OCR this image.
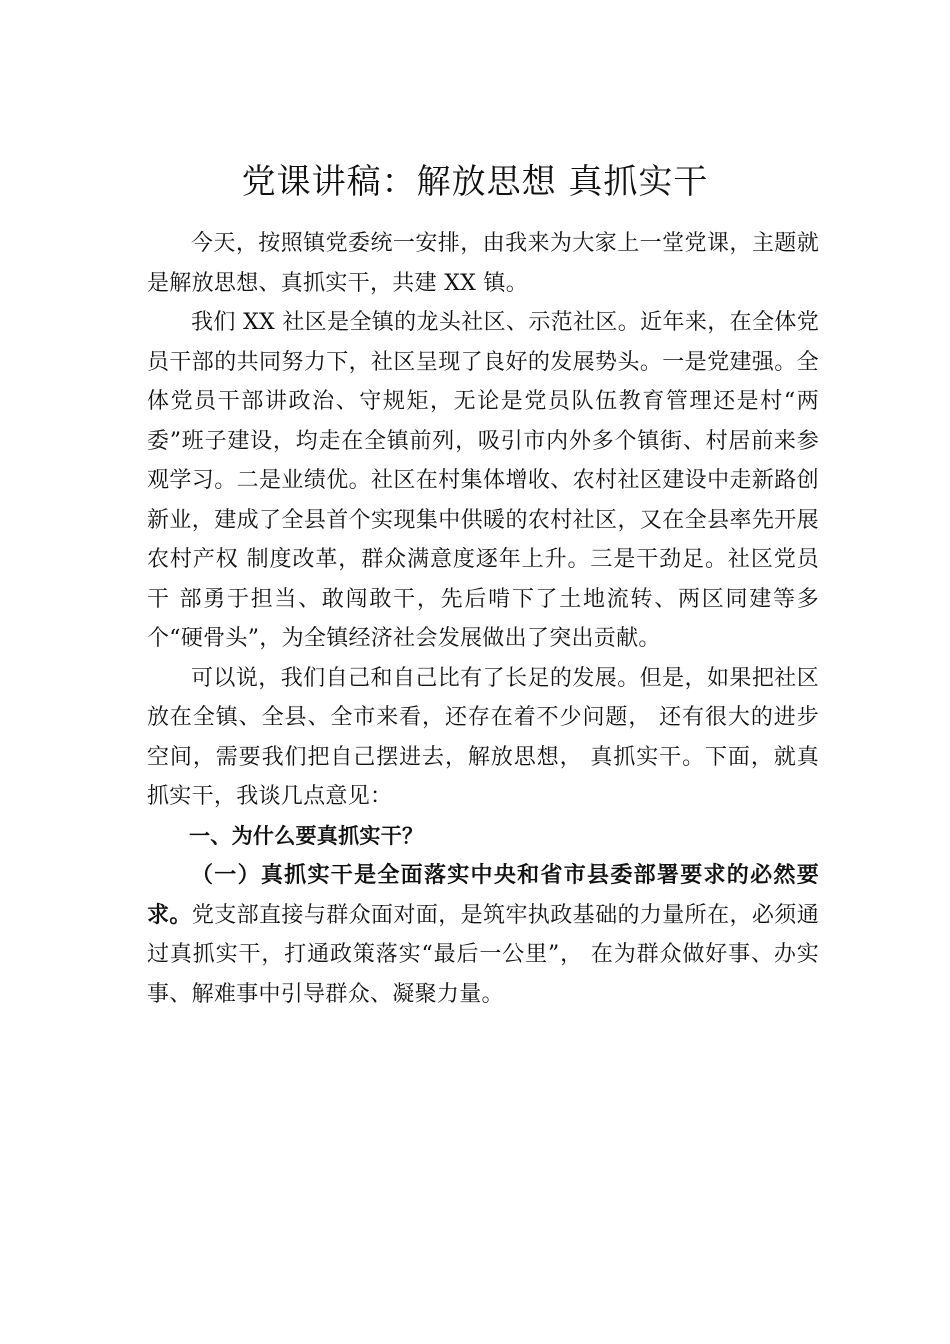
党课讲稿：解放思想 真抓实干

今天，按照镇党委统一安排，由我来为大家上一堂党课，主题就是解放思想、真抓实干，共建 XX 镇。

我们 XX 社区是全镇的龙头社区、示范社区。近年来，在全体党员干部的共同努力下，社区呈现了良好的发展势头。一是党建强。全体党员干部讲政治、守规矩，无论是党员队伍教育管理还是村“两委”班子建设，均走在全镇前列，吸引市内外多个镇街、村居前来参观学习。二是业绩优。社区在村集体增收、农村社区建设中走新路创新业，建成了全县首个实现集中供暖的农村社区，又在全县率先开展农村产权 制度改革，群众满意度逐年上升。三是干劲足。社区党员干 部勇于担当、敢闯敢干，先后啃下了土地流转、两区同建等多个“硬骨头”，为全镇经济社会发展做出了突出贡献。

可以说，我们自己和自己比有了长足的发展。但是，如果把社区放在全镇、全县、全市来看，还存在着不少问题， 还有很大的进步空间，需要我们把自己摆进去，解放思想， 真抓实干。下面，就真抓实干，我谈几点意见：

一、为什么要真抓实干？

（一）真抓实干是全面落实中央和省市县委部署要求的必然要求。党支部直接与群众面对面，是筑牢执政基础的力量所在，必须通过真抓实干，打通政策落实“最后一公里”， 在为群众做好事、办实事、解难事中引导群众、凝聚力量。
